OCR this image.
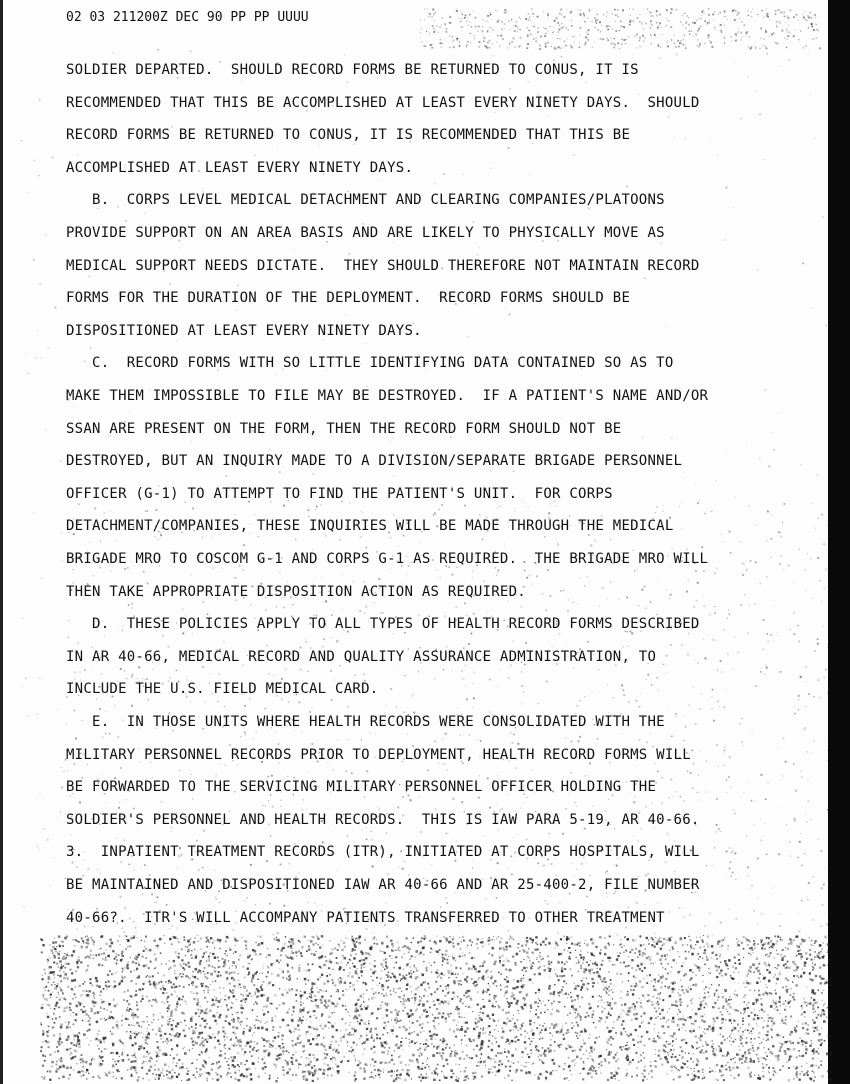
02 03 211200Z DEC 90 PP PP UUUU
SOLDIER DEPARTED.  SHOULD RECORD FORMS BE RETURNED TO CONUS, IT IS
RECOMMENDED THAT THIS BE ACCOMPLISHED AT LEAST EVERY NINETY DAYS.  SHOULD
RECORD FORMS BE RETURNED TO CONUS, IT IS RECOMMENDED THAT THIS BE
ACCOMPLISHED AT LEAST EVERY NINETY DAYS.
B.  CORPS LEVEL MEDICAL DETACHMENT AND CLEARING COMPANIES/PLATOONS
PROVIDE SUPPORT ON AN AREA BASIS AND ARE LIKELY TO PHYSICALLY MOVE AS
MEDICAL SUPPORT NEEDS DICTATE.  THEY SHOULD THEREFORE NOT MAINTAIN RECORD
FORMS FOR THE DURATION OF THE DEPLOYMENT.  RECORD FORMS SHOULD BE
DISPOSITIONED AT LEAST EVERY NINETY DAYS.
C.  RECORD FORMS WITH SO LITTLE IDENTIFYING DATA CONTAINED SO AS TO
MAKE THEM IMPOSSIBLE TO FILE MAY BE DESTROYED.  IF A PATIENT'S NAME AND/OR
SSAN ARE PRESENT ON THE FORM, THEN THE RECORD FORM SHOULD NOT BE
DESTROYED, BUT AN INQUIRY MADE TO A DIVISION/SEPARATE BRIGADE PERSONNEL
OFFICER (G-1) TO ATTEMPT TO FIND THE PATIENT'S UNIT.  FOR CORPS
DETACHMENT/COMPANIES, THESE INQUIRIES WILL BE MADE THROUGH THE MEDICAL
BRIGADE MRO TO COSCOM G-1 AND CORPS G-1 AS REQUIRED.  THE BRIGADE MRO WILL
THEN TAKE APPROPRIATE DISPOSITION ACTION AS REQUIRED.
D.  THESE POLICIES APPLY TO ALL TYPES OF HEALTH RECORD FORMS DESCRIBED
IN AR 40-66, MEDICAL RECORD AND QUALITY ASSURANCE ADMINISTRATION, TO
INCLUDE THE U.S. FIELD MEDICAL CARD.
E.  IN THOSE UNITS WHERE HEALTH RECORDS WERE CONSOLIDATED WITH THE
MILITARY PERSONNEL RECORDS PRIOR TO DEPLOYMENT, HEALTH RECORD FORMS WILL
BE FORWARDED TO THE SERVICING MILITARY PERSONNEL OFFICER HOLDING THE
SOLDIER'S PERSONNEL AND HEALTH RECORDS.  THIS IS IAW PARA 5-19, AR 40-66.
3.  INPATIENT TREATMENT RECORDS (ITR), INITIATED AT CORPS HOSPITALS, WILL
BE MAINTAINED AND DISPOSITIONED IAW AR 40-66 AND AR 25-400-2, FILE NUMBER
40-66?.  ITR'S WILL ACCOMPANY PATIENTS TRANSFERRED TO OTHER TREATMENT
